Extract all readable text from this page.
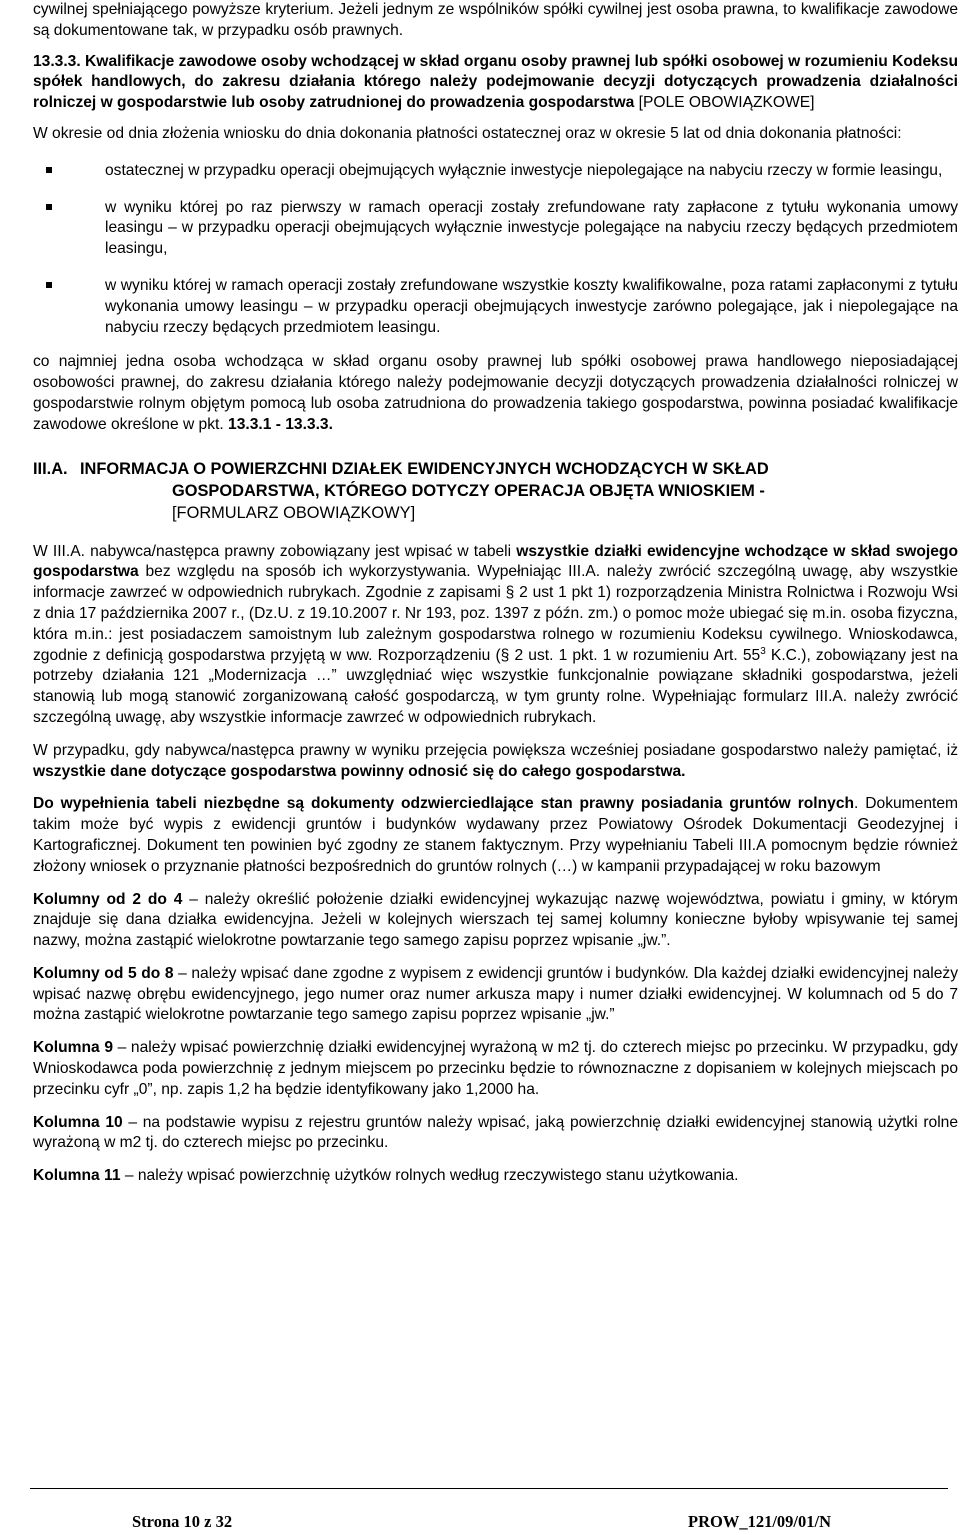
cywilnej spełniającego powyższe kryterium. Jeżeli jednym ze wspólników spółki cywilnej jest osoba prawna, to kwalifikacje zawodowe są dokumentowane tak, w przypadku osób prawnych.

13.3.3. Kwalifikacje zawodowe osoby wchodzącej w skład organu osoby prawnej lub spółki osobowej w rozumieniu Kodeksu spółek handlowych, do zakresu działania którego należy podejmowanie decyzji dotyczących prowadzenia działalności rolniczej w gospodarstwie lub osoby zatrudnionej do prowadzenia gospodarstwa [POLE OBOWIĄZKOWE]

W okresie od dnia złożenia wniosku do dnia dokonania płatności ostatecznej oraz w okresie 5 lat od dnia dokonania płatności:

ostatecznej w przypadku operacji obejmujących wyłącznie inwestycje niepolegające na nabyciu rzeczy w formie leasingu,
w wyniku której po raz pierwszy w ramach operacji zostały zrefundowane raty zapłacone z tytułu wykonania umowy leasingu – w przypadku operacji obejmujących wyłącznie inwestycje polegające na nabyciu rzeczy będących przedmiotem leasingu,
w wyniku której w ramach operacji zostały zrefundowane wszystkie koszty kwalifikowalne, poza ratami zapłaconymi z tytułu wykonania umowy leasingu – w przypadku operacji obejmujących inwestycje zarówno polegające, jak i niepolegające na nabyciu rzeczy będących przedmiotem leasingu.

co najmniej jedna osoba wchodząca w skład organu osoby prawnej lub spółki osobowej prawa handlowego nieposiadającej osobowości prawnej, do zakresu działania którego należy podejmowanie decyzji dotyczących prowadzenia działalności rolniczej w gospodarstwie rolnym objętym pomocą lub osoba zatrudniona do prowadzenia takiego gospodarstwa, powinna posiadać kwalifikacje zawodowe określone w pkt. 13.3.1 - 13.3.3.

III.A. INFORMACJA O POWIERZCHNI DZIAŁEK EWIDENCYJNYCH WCHODZĄCYCH W SKŁAD
GOSPODARSTWA, KTÓREGO DOTYCZY OPERACJA OBJĘTA WNIOSKIEM -
[FORMULARZ OBOWIĄZKOWY]

W III.A. nabywca/następca prawny zobowiązany jest wpisać w tabeli wszystkie działki ewidencyjne wchodzące w skład swojego gospodarstwa bez względu na sposób ich wykorzystywania. Wypełniając III.A. należy zwrócić szczególną uwagę, aby wszystkie informacje zawrzeć w odpowiednich rubrykach. Zgodnie z zapisami § 2 ust 1 pkt 1) rozporządzenia Ministra Rolnictwa i Rozwoju Wsi z dnia 17 października 2007 r., (Dz.U. z 19.10.2007 r. Nr 193, poz. 1397 z późn. zm.) o pomoc może ubiegać się m.in. osoba fizyczna, która m.in.: jest posiadaczem samoistnym lub zależnym gospodarstwa rolnego w rozumieniu Kodeksu cywilnego. Wnioskodawca, zgodnie z definicją gospodarstwa przyjętą w ww. Rozporządzeniu (§ 2 ust. 1 pkt. 1 w rozumieniu Art. $55^3$ K.C.), zobowiązany jest na potrzeby działania 121 „Modernizacja …” uwzględniać więc wszystkie funkcjonalnie powiązane składniki gospodarstwa, jeżeli stanowią lub mogą stanowić zorganizowaną całość gospodarczą, w tym grunty rolne. Wypełniając formularz III.A. należy zwrócić szczególną uwagę, aby wszystkie informacje zawrzeć w odpowiednich rubrykach.

W przypadku, gdy nabywca/następca prawny w wyniku przejęcia powiększa wcześniej posiadane gospodarstwo należy pamiętać, iż wszystkie dane dotyczące gospodarstwa powinny odnosić się do całego gospodarstwa.

Do wypełnienia tabeli niezbędne są dokumenty odzwierciedlające stan prawny posiadania gruntów rolnych. Dokumentem takim może być wypis z ewidencji gruntów i budynków wydawany przez Powiatowy Ośrodek Dokumentacji Geodezyjnej i Kartograficznej. Dokument ten powinien być zgodny ze stanem faktycznym. Przy wypełnianiu Tabeli III.A pomocnym będzie również złożony wniosek o przyznanie płatności bezpośrednich do gruntów rolnych (…) w kampanii przypadającej w roku bazowym

Kolumny od 2 do 4 – należy określić położenie działki ewidencyjnej wykazując nazwę województwa, powiatu i gminy, w którym znajduje się dana działka ewidencyjna. Jeżeli w kolejnych wierszach tej samej kolumny konieczne byłoby wpisywanie tej samej nazwy, można zastąpić wielokrotne powtarzanie tego samego zapisu poprzez wpisanie „jw.”.

Kolumny od 5 do 8 – należy wpisać dane zgodne z wypisem z ewidencji gruntów i budynków. Dla każdej działki ewidencyjnej należy wpisać nazwę obrębu ewidencyjnego, jego numer oraz numer arkusza mapy i numer działki ewidencyjnej. W kolumnach od 5 do 7 można zastąpić wielokrotne powtarzanie tego samego zapisu poprzez wpisanie „jw.”

Kolumna 9 – należy wpisać powierzchnię działki ewidencyjnej wyrażoną w m2 tj. do czterech miejsc po przecinku. W przypadku, gdy Wnioskodawca poda powierzchnię z jednym miejscem po przecinku będzie to równoznaczne z dopisaniem w kolejnych miejscach po przecinku cyfr „0”, np. zapis 1,2 ha będzie identyfikowany jako 1,2000 ha.

Kolumna 10 – na podstawie wypisu z rejestru gruntów należy wpisać, jaką powierzchnię działki ewidencyjnej stanowią użytki rolne wyrażoną w m2 tj. do czterech miejsc po przecinku.

Kolumna 11 – należy wpisać powierzchnię użytków rolnych według rzeczywistego stanu użytkowania.

Strona 10 z 32	PROW_121/09/01/N
